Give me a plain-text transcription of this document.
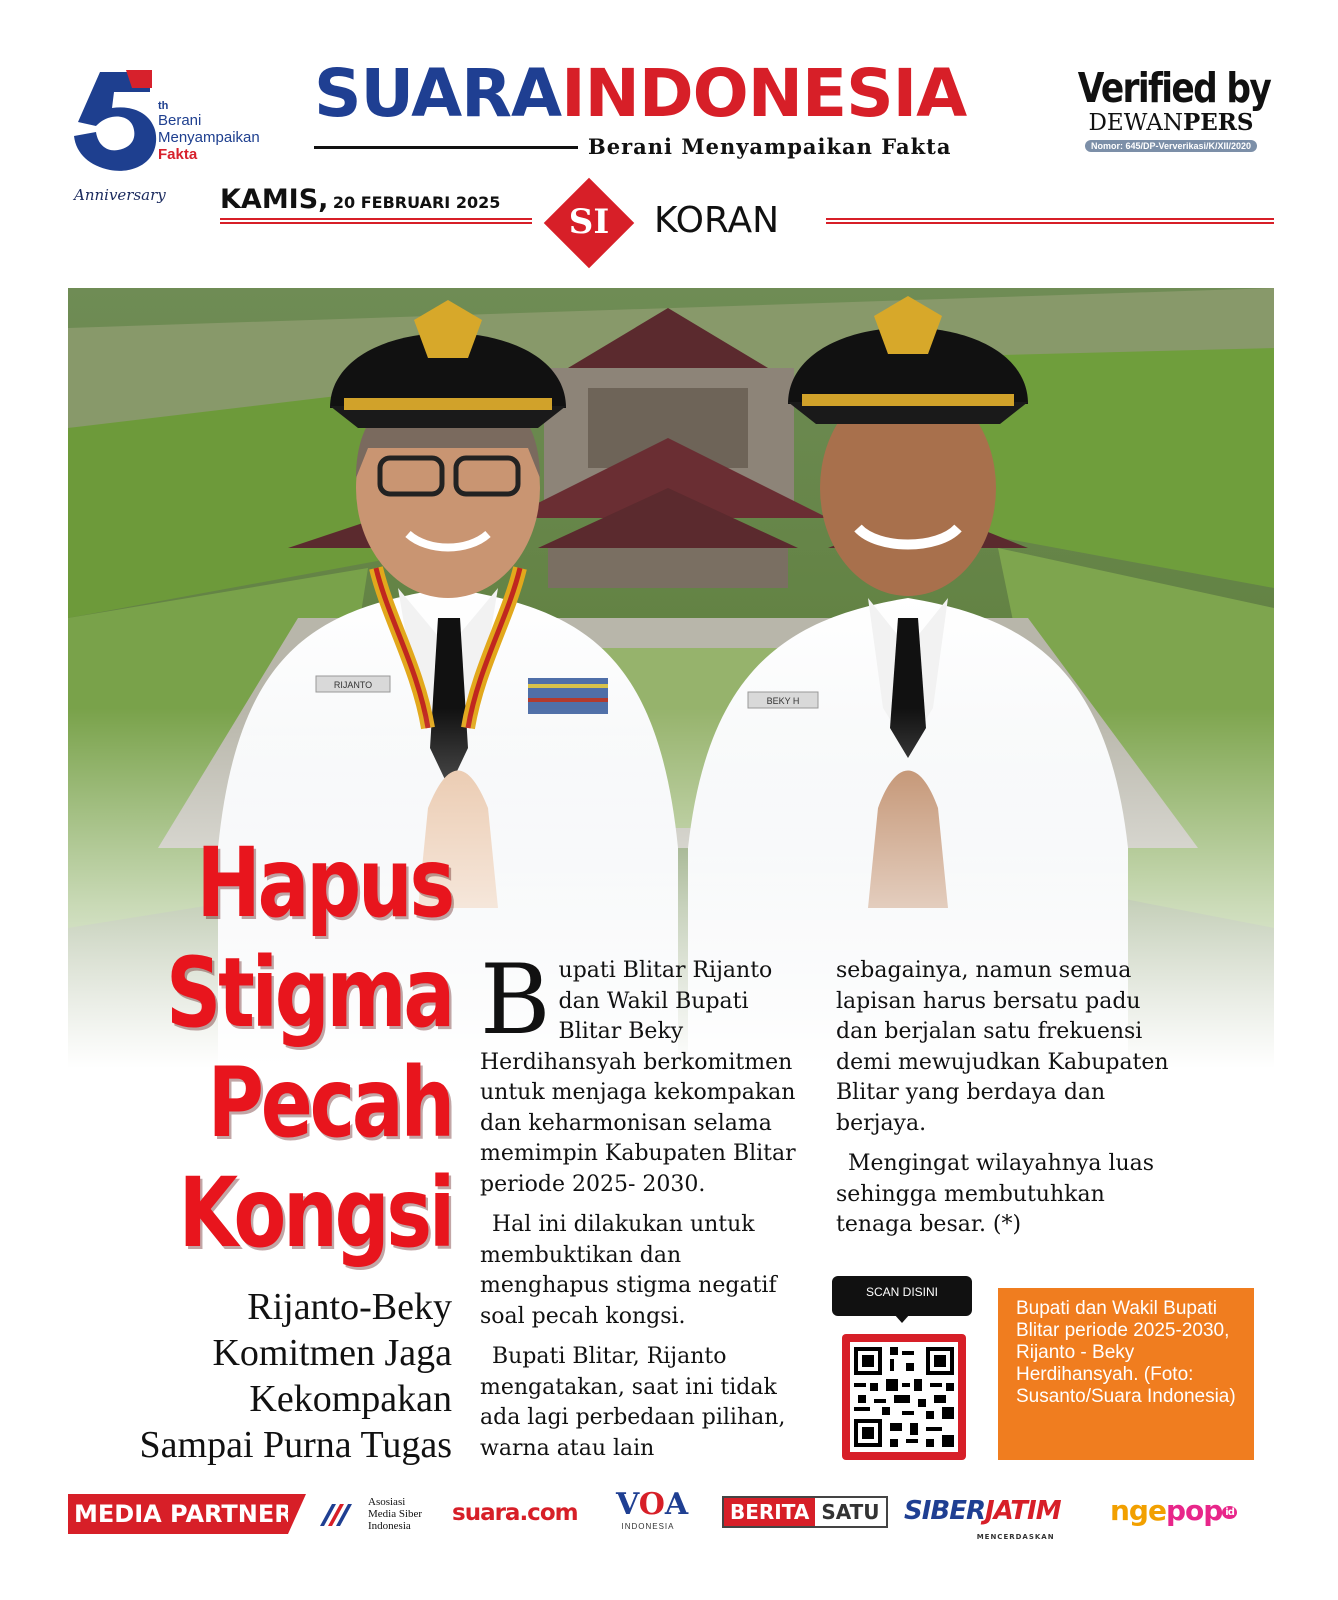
th
Berani
Menyampaikan
Fakta
Anniversary
SUARAINDONESIA
Berani Menyampaikan Fakta
Verified by
DEWANPERS
Nomor: 645/DP-Ververikasi/K/XII/2020
KAMIS, 20 FEBRUARI 2025	SI	KORAN
RIJANTO
BEKY H
Hapus
Stigma
Pecah
Kongsi
Rijanto-Beky
Komitmen Jaga
Kekompakan
Sampai Purna Tugas

Bupati Blitar Rijanto dan Wakil Bupati Blitar Beky Herdihansyah berkomitmen untuk menjaga kekompakan dan keharmonisan selama memimpin Kabupaten Blitar periode 2025- 2030.

Hal ini dilakukan untuk membuktikan dan menghapus stigma negatif soal pecah kongsi.

Bupati Blitar, Rijanto mengatakan, saat ini tidak ada lagi perbedaan pilihan, warna atau lain

sebagainya, namun semua lapisan harus bersatu padu dan berjalan satu frekuensi demi mewujudkan Kabupaten Blitar yang berdaya dan berjaya.

Mengingat wilayahnya luas sehingga membutuhkan tenaga besar. (*)

SCAN DISINI
Bupati dan Wakil Bupati Blitar periode 2025-2030, Rijanto - Beky Herdihansyah. (Foto: Susanto/Suara Indonesia)
MEDIA PARTNER	Asosiasi
Media Siber
Indonesia	suara.com VOA
INDONESIA
BERITA SATU SIBERJATIM
MENCERDASKAN
ngepop id
